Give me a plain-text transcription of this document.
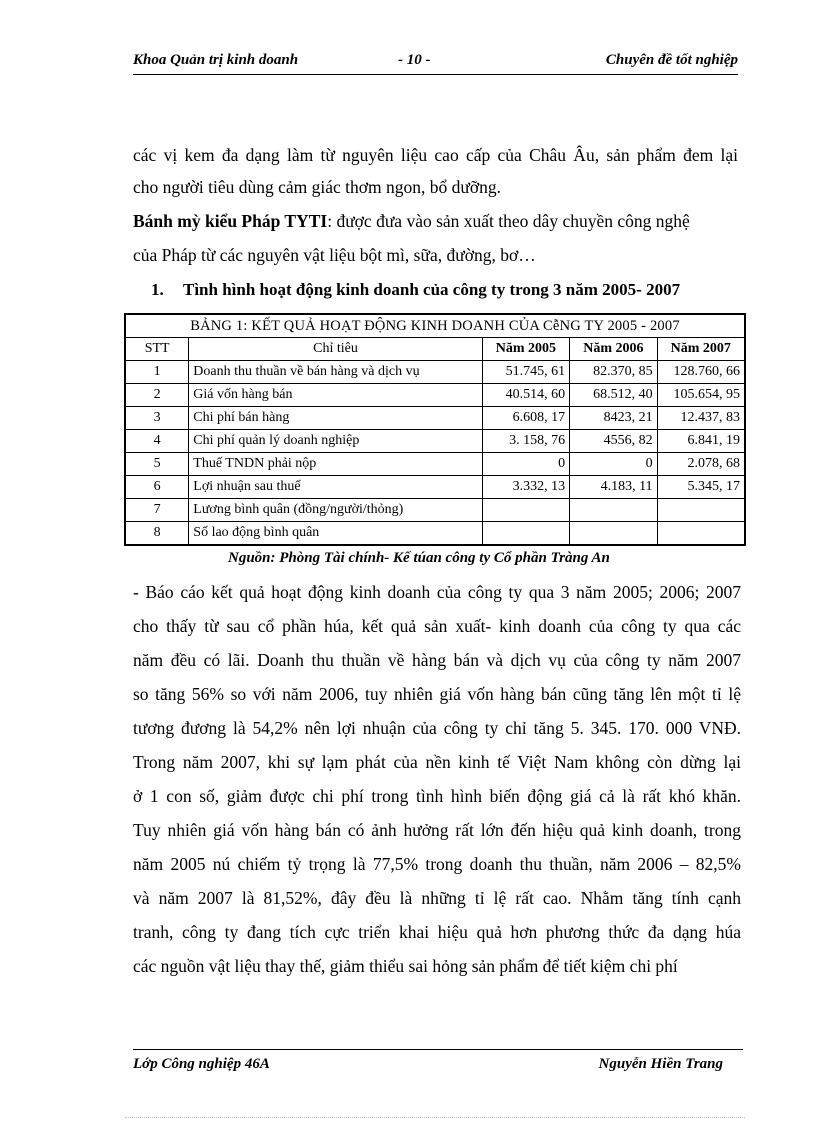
Khoa Quản trị kinh doanh	- 10 -	Chuyên đề tốt nghiệp
các vị kem đa dạng làm từ nguyên liệu cao cấp của Châu Âu, sản phẩm đem lại
cho người tiêu dùng cảm giác thơm ngon, bổ dưỡng.
Bánh mỳ kiểu Pháp TYTI: được đưa vào sản xuất theo dây chuyền công nghệ
của Pháp từ các nguyên vật liệu bột mì, sữa, đường, bơ…
1. Tình hình hoạt động kinh doanh của công ty trong 3 năm 2005- 2007
BẢNG 1: KẾT QUẢ HOẠT ĐỘNG KINH DOANH CỦA CễNG TY 2005 - 2007				
STT	Chỉ tiêu	Năm 2005	Năm 2006	Năm 2007
1	Doanh thu thuần về bán hàng và dịch vụ	51.745, 61	82.370, 85	128.760, 66
2	Giá vốn hàng bán	40.514, 60	68.512, 40	105.654, 95
3	Chi phí bán hàng	6.608, 17	8423, 21	12.437, 83
4	Chi phí quản lý doanh nghiệp	3. 158, 76	4556, 82	6.841, 19
5	Thuế TNDN phải nộp	0	0	2.078, 68
6	Lợi nhuận sau thuế	3.332, 13	4.183, 11	5.345, 17
7	Lương bình quân (đồng/người/thỏng)			
8	Số lao động bình quân			
Nguồn: Phòng Tài chính- Kế túan công ty Cổ phần Tràng An
- Báo cáo kết quả hoạt động kinh doanh của công ty qua 3 năm 2005; 2006; 2007
cho thấy từ sau cổ phần húa, kết quả sản xuất- kinh doanh của công ty qua các
năm đều có lãi. Doanh thu thuần về hàng bán và dịch vụ của công ty năm 2007
so tăng 56% so với năm 2006, tuy nhiên giá vốn hàng bán cũng tăng lên một tỉ lệ
tương đương là 54,2% nên lợi nhuận của công ty chỉ tăng 5. 345. 170. 000 VNĐ.
Trong năm 2007, khi sự lạm phát của nền kinh tế Việt Nam không còn dừng lại
ở 1 con số, giảm được chi phí trong tình hình biến động giá cả là rất khó khăn.
Tuy nhiên giá vốn hàng bán có ảnh hưởng rất lớn đến hiệu quả kinh doanh, trong
năm 2005 nú chiếm tỷ trọng là 77,5% trong doanh thu thuần, năm 2006 – 82,5%
và năm 2007 là 81,52%, đây đều là những tỉ lệ rất cao. Nhằm tăng tính cạnh
tranh, công ty đang tích cực triển khai hiệu quả hơn phương thức đa dạng húa
các nguồn vật liệu thay thế, giảm thiểu sai hỏng sản phẩm để tiết kiệm chi phí
Lớp Công nghiệp 46A	Nguyễn Hiền Trang
